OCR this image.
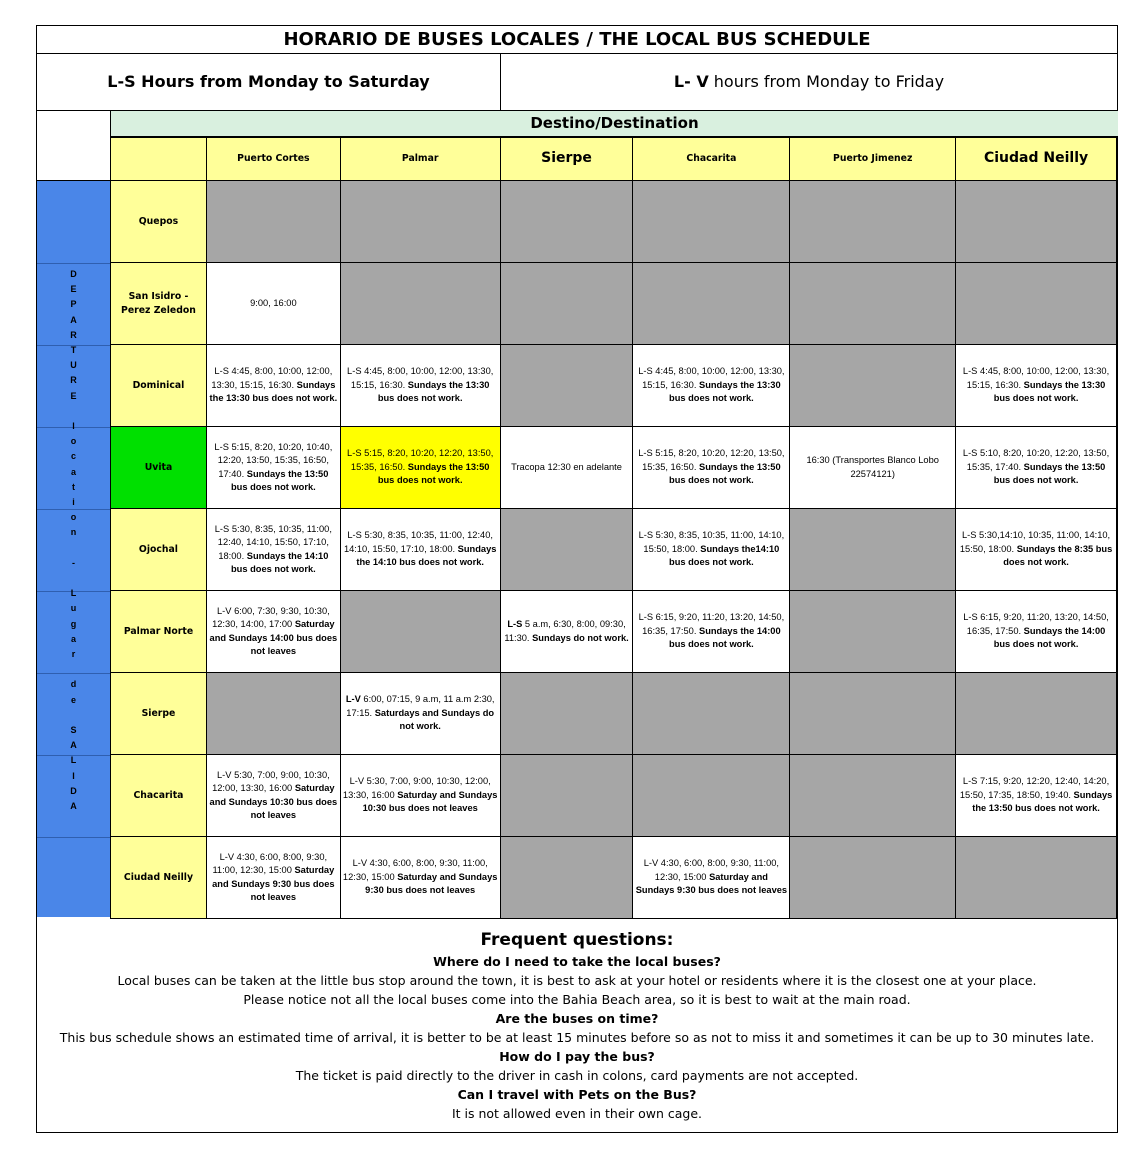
HORARIO DE BUSES LOCALES / THE LOCAL BUS SCHEDULE
L-S Hours from Monday to Saturday	L- V hours from Monday to Friday
Destino/Destination
D
E
P
A
R
T
U
R
E
l
o
c
a
t
i
o
n
-
L
u
g
a
r
d
e
S
A
L
I
D
A
	Puerto Cortes	Palmar	Sierpe	Chacarita	Puerto Jimenez	Ciudad Neilly
Quepos						
San Isidro - Perez Zeledon	9:00, 16:00					
Dominical	L-S 4:45, 8:00, 10:00, 12:00, 13:30, 15:15, 16:30. Sundays the 13:30 bus does not work.	L-S 4:45, 8:00, 10:00, 12:00, 13:30, 15:15, 16:30. Sundays the 13:30 bus does not work.		L-S 4:45, 8:00, 10:00, 12:00, 13:30, 15:15, 16:30. Sundays the 13:30 bus does not work.		L-S 4:45, 8:00, 10:00, 12:00, 13:30, 15:15, 16:30. Sundays the 13:30 bus does not work.
Uvita	L-S 5:15, 8:20, 10:20, 10:40, 12:20, 13:50, 15:35, 16:50, 17:40. Sundays the 13:50 bus does not work.	L-S 5:15, 8:20, 10:20, 12:20, 13:50, 15:35, 16:50. Sundays the 13:50 bus does not work.	Tracopa 12:30 en adelante	L-S 5:15, 8:20, 10:20, 12:20, 13:50, 15:35, 16:50. Sundays the 13:50 bus does not work.	16:30 (Transportes Blanco Lobo 22574121)	L-S 5:10, 8:20, 10:20, 12:20, 13:50, 15:35, 17:40. Sundays the 13:50 bus does not work.
Ojochal	L-S 5:30, 8:35, 10:35, 11:00, 12:40, 14:10, 15:50, 17:10, 18:00. Sundays the 14:10 bus does not work.	L-S 5:30, 8:35, 10:35, 11:00, 12:40, 14:10, 15:50, 17:10, 18:00. Sundays the 14:10 bus does not work.		L-S 5:30, 8:35, 10:35, 11:00, 14:10, 15:50, 18:00. Sundays the14:10 bus does not work.		L-S 5:30,14:10, 10:35, 11:00, 14:10, 15:50, 18:00. Sundays the 8:35 bus does not work.
Palmar Norte	L-V 6:00, 7:30, 9:30, 10:30, 12:30, 14:00, 17:00 Saturday and Sundays 14:00 bus does not leaves		L-S 5 a.m, 6:30, 8:00, 09:30, 11:30. Sundays do not work.	L-S 6:15, 9:20, 11:20, 13:20, 14:50, 16:35, 17:50. Sundays the 14:00 bus does not work.		L-S 6:15, 9:20, 11:20, 13:20, 14:50, 16:35, 17:50. Sundays the 14:00 bus does not work.
Sierpe		L-V 6:00, 07:15, 9 a.m, 11 a.m 2:30, 17:15. Saturdays and Sundays do not work.				
Chacarita	L-V 5:30, 7:00, 9:00, 10:30, 12:00, 13:30, 16:00 Saturday and Sundays 10:30 bus does not leaves	L-V 5:30, 7:00, 9:00, 10:30, 12:00, 13:30, 16:00 Saturday and Sundays 10:30 bus does not leaves				L-S 7:15, 9:20, 12:20, 12:40, 14:20, 15:50, 17:35, 18:50, 19:40. Sundays the 13:50 bus does not work.
Ciudad Neilly	L-V 4:30, 6:00, 8:00, 9:30, 11:00, 12:30, 15:00 Saturday and Sundays 9:30 bus does not leaves	L-V 4:30, 6:00, 8:00, 9:30, 11:00, 12:30, 15:00 Saturday and Sundays 9:30 bus does not leaves		L-V 4:30, 6:00, 8:00, 9:30, 11:00, 12:30, 15:00 Saturday and Sundays 9:30 bus does not leaves		
Frequent questions:
Where do I need to take the local buses?
Local buses can be taken at the little bus stop around the town, it is best to ask at your hotel or residents where it is the closest one at your place.
Please notice not all the local buses come into the Bahia Beach area, so it is best to wait at the main road.
Are the buses on time?
This bus schedule shows an estimated time of arrival, it is better to be at least 15 minutes before so as not to miss it and sometimes it can be up to 30 minutes late.
How do I pay the bus?
The ticket is paid directly to the driver in cash in colons, card payments are not accepted.
Can I travel with Pets on the Bus?
It is not allowed even in their own cage.
